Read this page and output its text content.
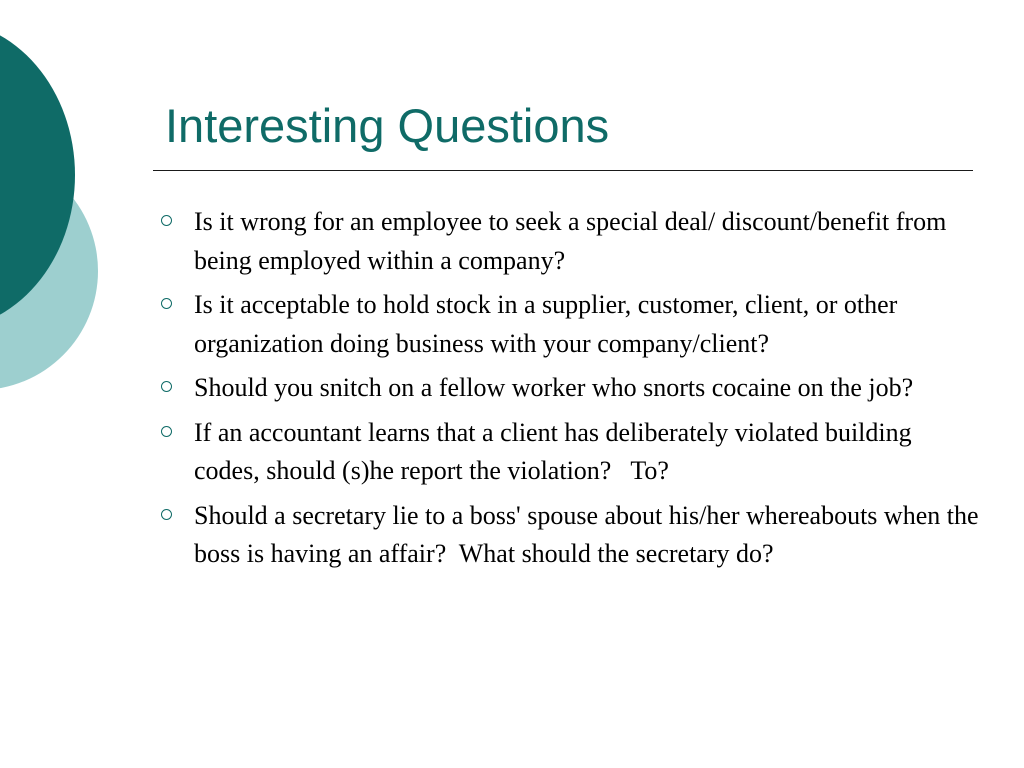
Interesting Questions
Is it wrong for an employee to seek a special deal/ discount/benefit from being employed within a company?
Is it acceptable to hold stock in a supplier, customer, client, or other organization doing business with your company/client?
Should you snitch on a fellow worker who snorts cocaine on the job?
If an accountant learns that a client has deliberately violated building codes, should (s)he report the violation?   To?
Should a secretary lie to a boss' spouse about his/her whereabouts when the boss is having an affair?  What should the secretary do?
